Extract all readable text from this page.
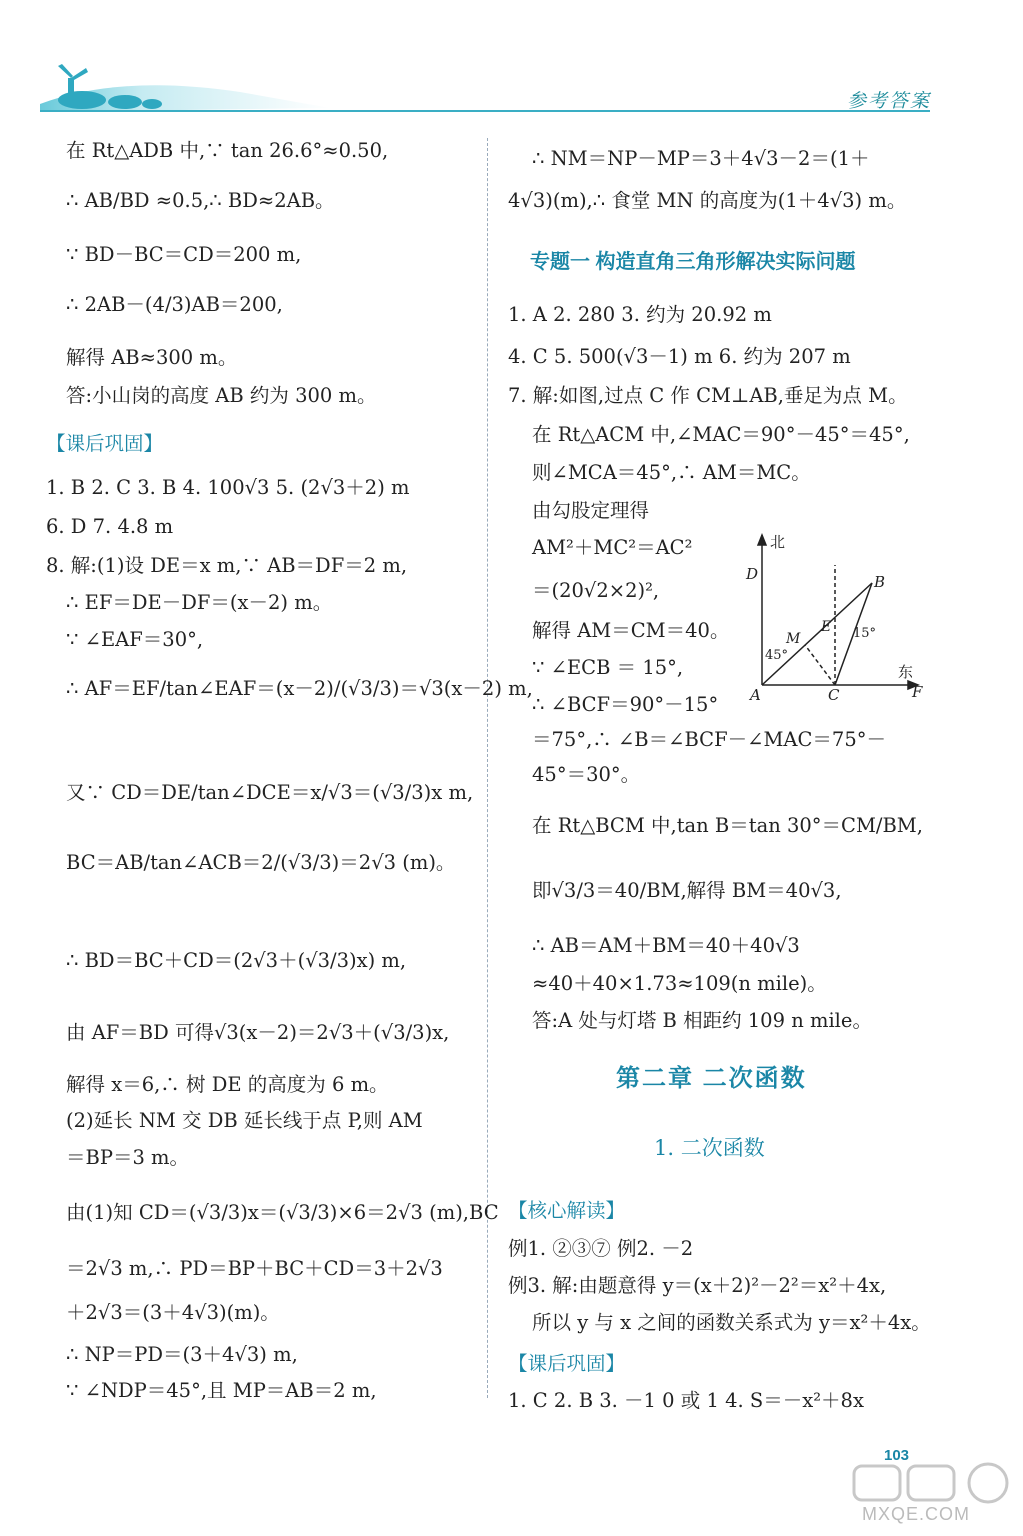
参考答案
在 Rt△ADB 中,∵ tan 26.6°≈0.50,
∴ AB/BD ≈0.5,∴ BD≈2AB。
∵ BD－BC＝CD＝200 m,
∴ 2AB－(4/3)AB＝200,
解得 AB≈300 m。
答:小山岗的高度 AB 约为 300 m。
【课后巩固】
1. B 2. C 3. B 4. 100√3 5. (2√3＋2) m
6. D 7. 4.8 m
8. 解:(1)设 DE＝x m,∵ AB＝DF＝2 m,
∴ EF＝DE－DF＝(x－2) m。
∵ ∠EAF＝30°,
∴ AF＝EF/tan∠EAF＝(x－2)/(√3/3)＝√3(x－2) m,
又∵ CD＝DE/tan∠DCE＝x/√3＝(√3/3)x m,
BC＝AB/tan∠ACB＝2/(√3/3)＝2√3 (m)。
∴ BD＝BC＋CD＝(2√3＋(√3/3)x) m,
由 AF＝BD 可得√3(x－2)＝2√3＋(√3/3)x,
解得 x＝6,∴ 树 DE 的高度为 6 m。
(2)延长 NM 交 DB 延长线于点 P,则 AM
＝BP＝3 m。
由(1)知 CD＝(√3/3)x＝(√3/3)×6＝2√3 (m),BC
＝2√3 m,∴ PD＝BP＋BC＋CD＝3＋2√3
＋2√3＝(3＋4√3)(m)。
∴ NP＝PD＝(3＋4√3) m,
∵ ∠NDP＝45°,且 MP＝AB＝2 m,
∴ NM＝NP－MP＝3＋4√3－2＝(1＋
4√3)(m),∴ 食堂 MN 的高度为(1＋4√3) m。
专题一 构造直角三角形解决实际问题
1. A 2. 280 3. 约为 20.92 m
4. C 5. 500(√3－1) m 6. 约为 207 m
7. 解:如图,过点 C 作 CM⊥AB,垂足为点 M。
在 Rt△ACM 中,∠MAC＝90°－45°＝45°,
则∠MCA＝45°,∴ AM＝MC。
由勾股定理得
AM²＋MC²＝AC²
＝(20√2×2)²,
解得 AM＝CM＝40。
∵ ∠ECB ＝ 15°,
∴ ∠BCF＝90°－15°
＝75°,∴ ∠B＝∠BCF－∠MAC＝75°－
45°＝30°。
在 Rt△BCM 中,tan B＝tan 30°＝CM/BM,
即√3/3＝40/BM,解得 BM＝40√3,
∴ AB＝AM＋BM＝40＋40√3
≈40＋40×1.73≈109(n mile)。
答:A 处与灯塔 B 相距约 109 n mile。
第二章 二次函数
1. 二次函数
【核心解读】
例1. ②③⑦ 例2. －2
例3. 解:由题意得 y＝(x＋2)²－2²＝x²＋4x,
所以 y 与 x 之间的函数关系式为 y＝x²＋4x。
【课后巩固】
1. C 2. B 3. －1 0 或 1 4. S＝－x²＋8x
北
D	B
M
E 15°
45°
东
A	C	F
103
MXQE.COM
